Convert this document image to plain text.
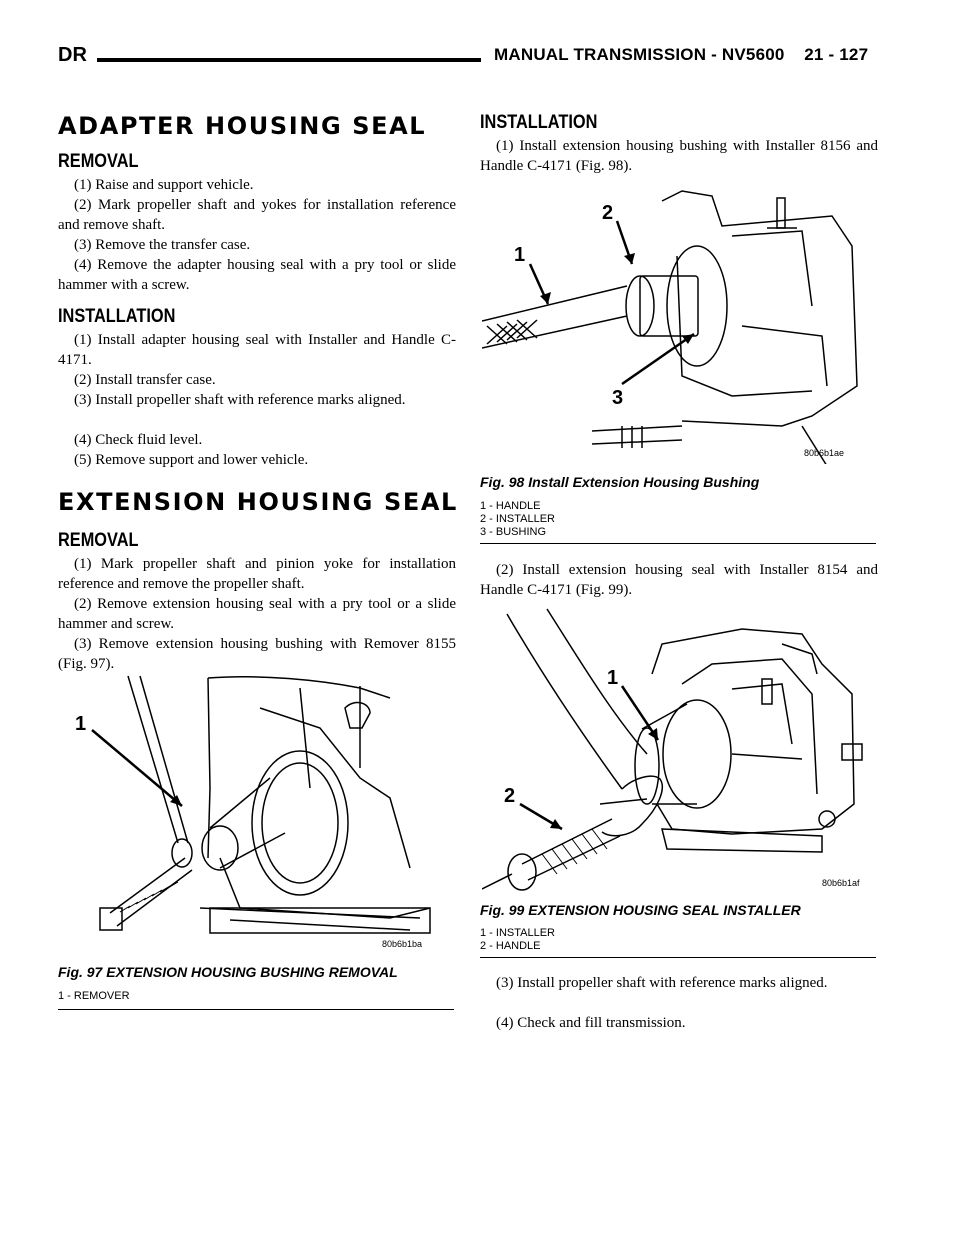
DR	MANUAL TRANSMISSION - NV5600    21 - 127
ADAPTER HOUSING SEAL
REMOVAL
(1) Raise and support vehicle.
(2) Mark propeller shaft and yokes for installation reference and remove shaft.
(3) Remove the transfer case.
(4) Remove the adapter housing seal with a pry tool or slide hammer with a screw.
INSTALLATION
(1) Install adapter housing seal with Installer and Handle C-4171.
(2) Install transfer case.
(3) Install propeller shaft with reference marks aligned.
(4) Check fluid level.
(5) Remove support and lower vehicle.
EXTENSION HOUSING SEAL
REMOVAL
(1) Mark propeller shaft and pinion yoke for installation reference and remove the propeller shaft.
(2) Remove extension housing seal with a pry tool or a slide hammer and screw.
(3) Remove extension housing bushing with Remover 8155 (Fig. 97).
1
80b6b1ba
Fig. 97 EXTENSION HOUSING BUSHING REMOVAL
1 - REMOVER
INSTALLATION
(1) Install extension housing bushing with Installer 8156 and Handle C-4171 (Fig. 98).
2
1
3
80b6b1ae
Fig. 98 Install Extension Housing Bushing
1 - HANDLE
2 - INSTALLER
3 - BUSHING
(2) Install extension housing seal with Installer 8154 and Handle C-4171 (Fig. 99).
1
2
80b6b1af
Fig. 99 EXTENSION HOUSING SEAL INSTALLER
1 - INSTALLER
2 - HANDLE
(3) Install propeller shaft with reference marks aligned.
(4) Check and fill transmission.
